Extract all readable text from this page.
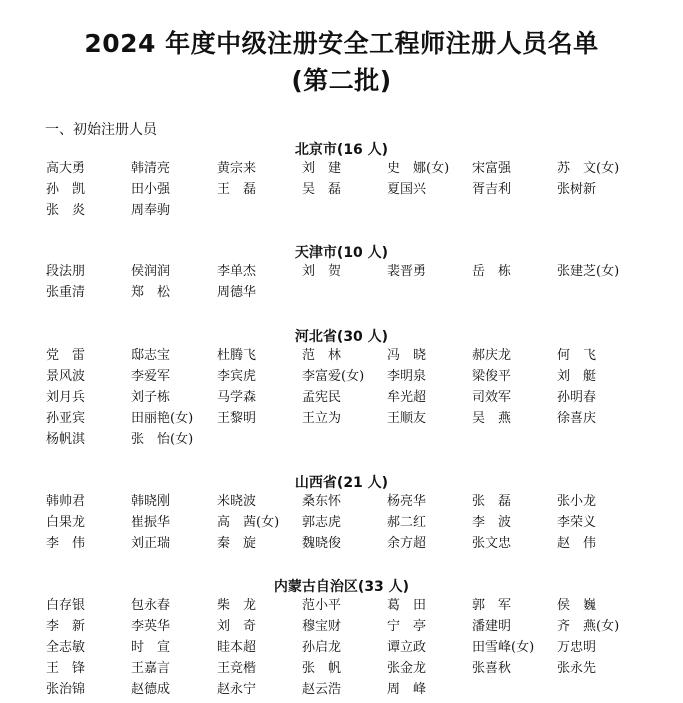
2024 年度中级注册安全工程师注册人员名单
(第二批)
一、初始注册人员
北京市(16 人)
高大勇	韩清亮	黄宗来	刘　建	史　娜(女) 宋富强	苏　文(女)
孙　凯	田小强	王　磊	吴　磊	夏国兴	胥吉利	张树新
张　炎	周奉驹
天津市(10 人)
段法朋	侯润润	李单杰	刘　贺	裴晋勇	岳　栋	张建芝(女)
张重清	郑　松	周德华
河北省(30 人)
党　雷	邸志宝	杜腾飞	范　林	冯　晓	郝庆龙	何　飞
景风波	李爱军	李宾虎	李富爱(女) 李明泉	梁俊平	刘　艇
刘月兵	刘子栋	马学森	孟宪民	牟光超	司效军	孙明春
孙亚宾	田丽艳(女) 王黎明	王立为	王顺友	吴　燕	徐喜庆
杨帆淇	张　怡(女)
山西省(21 人)
韩帅君	韩晓刚	米晓波	桑东怀	杨亮华	张　磊	张小龙
白果龙	崔振华	高　茜(女) 郭志虎	郝二红	李　波	李荣义
李　伟	刘正瑞	秦　旋	魏晓俊	余方超	张文忠	赵　伟
内蒙古自治区(33 人)
白存银	包永春	柴　龙	范小平	葛　田	郭　军	侯　巍
李　新	李英华	刘　奇	穆宝财	宁　亭	潘建明	齐　燕(女)
全志敏	时　宣	眭本超	孙启龙	谭立政	田雪峰(女) 万忠明
王　锋	王嘉言	王竞楷	张　帆	张金龙	张喜秋	张永先
张治锦	赵德成	赵永宁	赵云浩	周　峰
